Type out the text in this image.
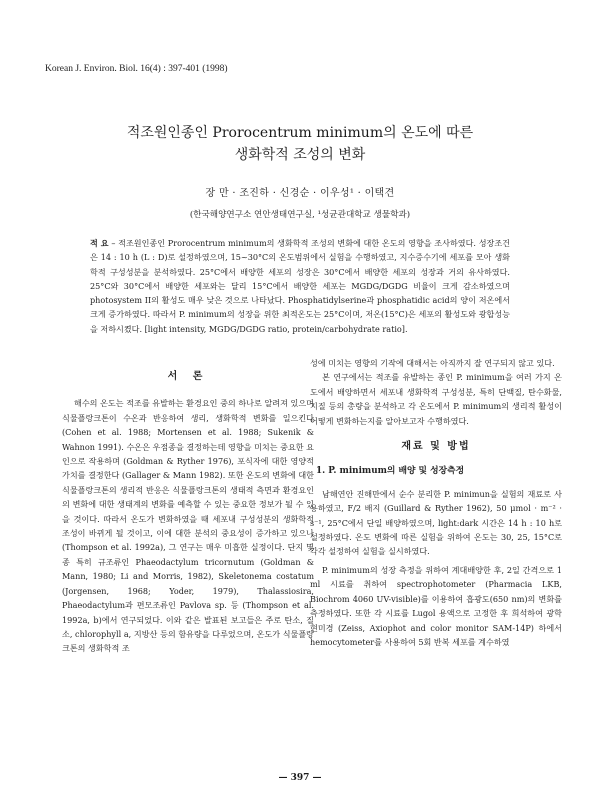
Korean J. Environ. Biol. 16(4) : 397-401 (1998)
적조원인종인 Prorocentrum minimum의 온도에 따른
생화학적 조성의 변화
장 만 · 조진하 · 신경순 · 이우성¹ · 이택견
(한국해양연구소 연안생태연구실, ¹성균관대학교 생물학과)
적 요 – 적조원인종인 Prorocentrum minimum의 생화학적 조성의 변화에 대한 온도의 영향을 조사하였다. 성장조건은 14 : 10 h (L : D)로 설정하였으며, 15~30°C의 온도범위에서 실험을 수행하였고, 지수증수기에 세포를 모아 생화학적 구성성분을 분석하였다. 25°C에서 배양한 세포의 성장은 30°C에서 배양한 세포의 성장과 거의 유사하였다. 25°C와 30°C에서 배양한 세포와는 달리 15°C에서 배양한 세포는 MGDG/DGDG 비율이 크게 감소하였으며 photosystem II의 활성도 매우 낮은 것으로 나타났다. Phosphatidylserine과 phosphatidic acid의 양이 저온에서 크게 증가하였다. 따라서 P. minimum의 성장을 위한 최적온도는 25°C이며, 저온(15°C)은 세포의 활성도와 광합성능을 저하시켰다. [light intensity, MGDG/DGDG ratio, protein/carbohydrate ratio].
서 론

해수의 온도는 적조를 유발하는 환경요인 중의 하나로 알려져 있으며 식물플랑크톤이 수온과 반응하여 생리, 생화학적 변화를 일으킨다 (Cohen et al. 1988; Mortensen et al. 1988; Sukenik & Wahnon 1991). 수온은 우점종을 결정하는데 영향을 미치는 중요한 요인으로 작용하며 (Goldman & Ryther 1976), 포식자에 대한 영양적 가치를 결정한다 (Gallager & Mann 1982). 또한 온도의 변화에 대한 식물플랑크톤의 생리적 반응은 식물플랑크톤의 생태적 측면과 환경요인의 변화에 대한 생태계의 변화를 예측할 수 있는 중요한 정보가 될 수 있을 것이다. 따라서 온도가 변화하였을 때 세포내 구성성분의 생화학적 조성이 바뀌게 될 것이고, 이에 대한 분석의 중요성이 증가하고 있으나 (Thompson et al. 1992a), 그 연구는 매우 미흡한 실정이다. 단지 몇 종 특히 규조류인 Phaeodactylum tricornutum (Goldman & Mann, 1980; Li and Morris, 1982), Skeletonema costatum (Jorgensen, 1968; Yoder, 1979), Thalassiosira, Phaeodactylum과 편모조류인 Pavlova sp. 등 (Thompson et al. 1992a, b)에서 연구되었다. 이와 같은 발표된 보고들은 주로 탄소, 질소, chlorophyll a, 지방산 등의 함유량을 다루었으며, 온도가 식물플랑크톤의 생화학적 조

성에 미치는 영향의 기작에 대해서는 아직까지 잘 연구되지 않고 있다.

본 연구에서는 적조를 유발하는 종인 P. minimum을 여러 가지 온도에서 배양하면서 세포내 생화학적 구성성분, 특히 단백질, 탄수화물, 지질 등의 총량을 분석하고 각 온도에서 P. minimum의 생리적 활성이 어떻게 변화하는지를 알아보고자 수행하였다.

재료 및 방법
1. P. minimum의 배양 및 성장측정

남해연안 진해만에서 순수 분리한 P. minimun을 실험의 재료로 사용하였고, F/2 배지 (Guillard & Ryther 1962), 50 μmol · m⁻² · s⁻¹, 25°C에서 단일 배양하였으며, light:dark 시간은 14 h : 10 h로 설정하였다. 온도 변화에 따른 실험을 위하여 온도는 30, 25, 15°C로 각각 설정하여 실험을 실시하였다.

P. minimum의 성장 측정을 위하여 계대배양한 후, 2일 간격으로 1 ml 시료를 취하여 spectrophotometer (Pharmacia LKB, Biochrom 4060 UV-visible)를 이용하여 흡광도(650 nm)의 변화를 측정하였다. 또한 각 시료를 Lugol 용액으로 고정한 후 희석하여 광학현미경 (Zeiss, Axiophot and color monitor SAM-14P) 하에서 hemocytometer를 사용하여 5회 반복 세포를 계수하였

— 397 —
